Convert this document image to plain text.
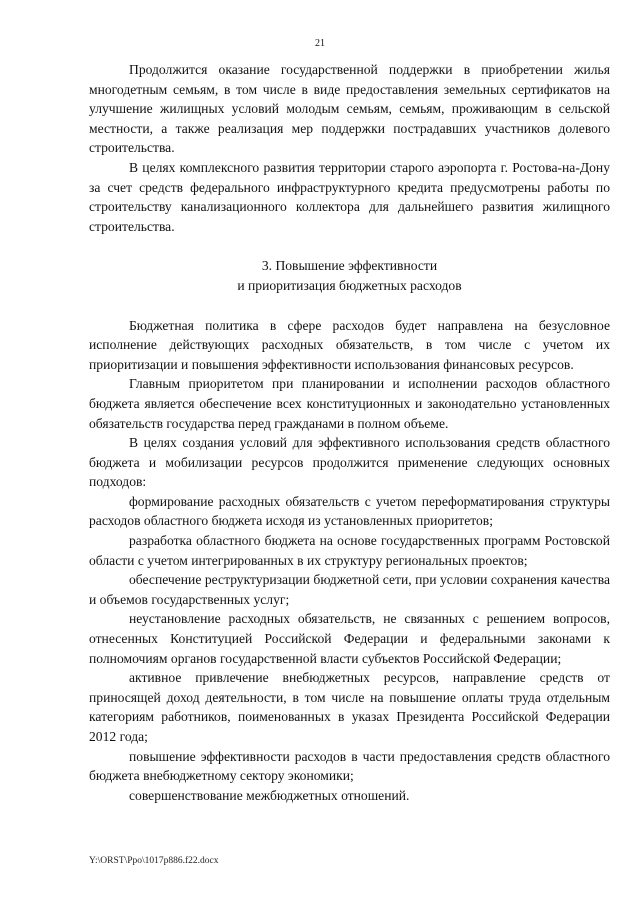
21

Продолжится оказание государственной поддержки в приобретении жилья многодетным семьям, в том числе в виде предоставления земельных сертификатов на улучшение жилищных условий молодым семьям, семьям, проживающим в сельской местности, а также реализация мер поддержки пострадавших участников долевого строительства.

В целях комплексного развития территории старого аэропорта г. Ростова-на-Дону за счет средств федерального инфраструктурного кредита предусмотрены работы по строительству канализационного коллектора для дальнейшего развития жилищного строительства.

3. Повышение эффективности

и приоритизация бюджетных расходов

Бюджетная политика в сфере расходов будет направлена на безусловное исполнение действующих расходных обязательств, в том числе с учетом их приоритизации и повышения эффективности использования финансовых ресурсов.

Главным приоритетом при планировании и исполнении расходов областного бюджета является обеспечение всех конституционных и законодательно установленных обязательств государства перед гражданами в полном объеме.

В целях создания условий для эффективного использования средств областного бюджета и мобилизации ресурсов продолжится применение следующих основных подходов:

формирование расходных обязательств с учетом переформатирования структуры расходов областного бюджета исходя из установленных приоритетов;

разработка областного бюджета на основе государственных программ Ростовской области с учетом интегрированных в их структуру региональных проектов;

обеспечение реструктуризации бюджетной сети, при условии сохранения качества и объемов государственных услуг;

неустановление расходных обязательств, не связанных с решением вопросов, отнесенных Конституцией Российской Федерации и федеральными законами к полномочиям органов государственной власти субъектов Российской Федерации;

активное привлечение внебюджетных ресурсов, направление средств от приносящей доход деятельности, в том числе на повышение оплаты труда отдельным категориям работников, поименованных в указах Президента Российской Федерации 2012 года;

повышение эффективности расходов в части предоставления средств областного бюджета внебюджетному сектору экономики;

совершенствование межбюджетных отношений.

Y:\ORST\Ppo\1017p886.f22.docx
